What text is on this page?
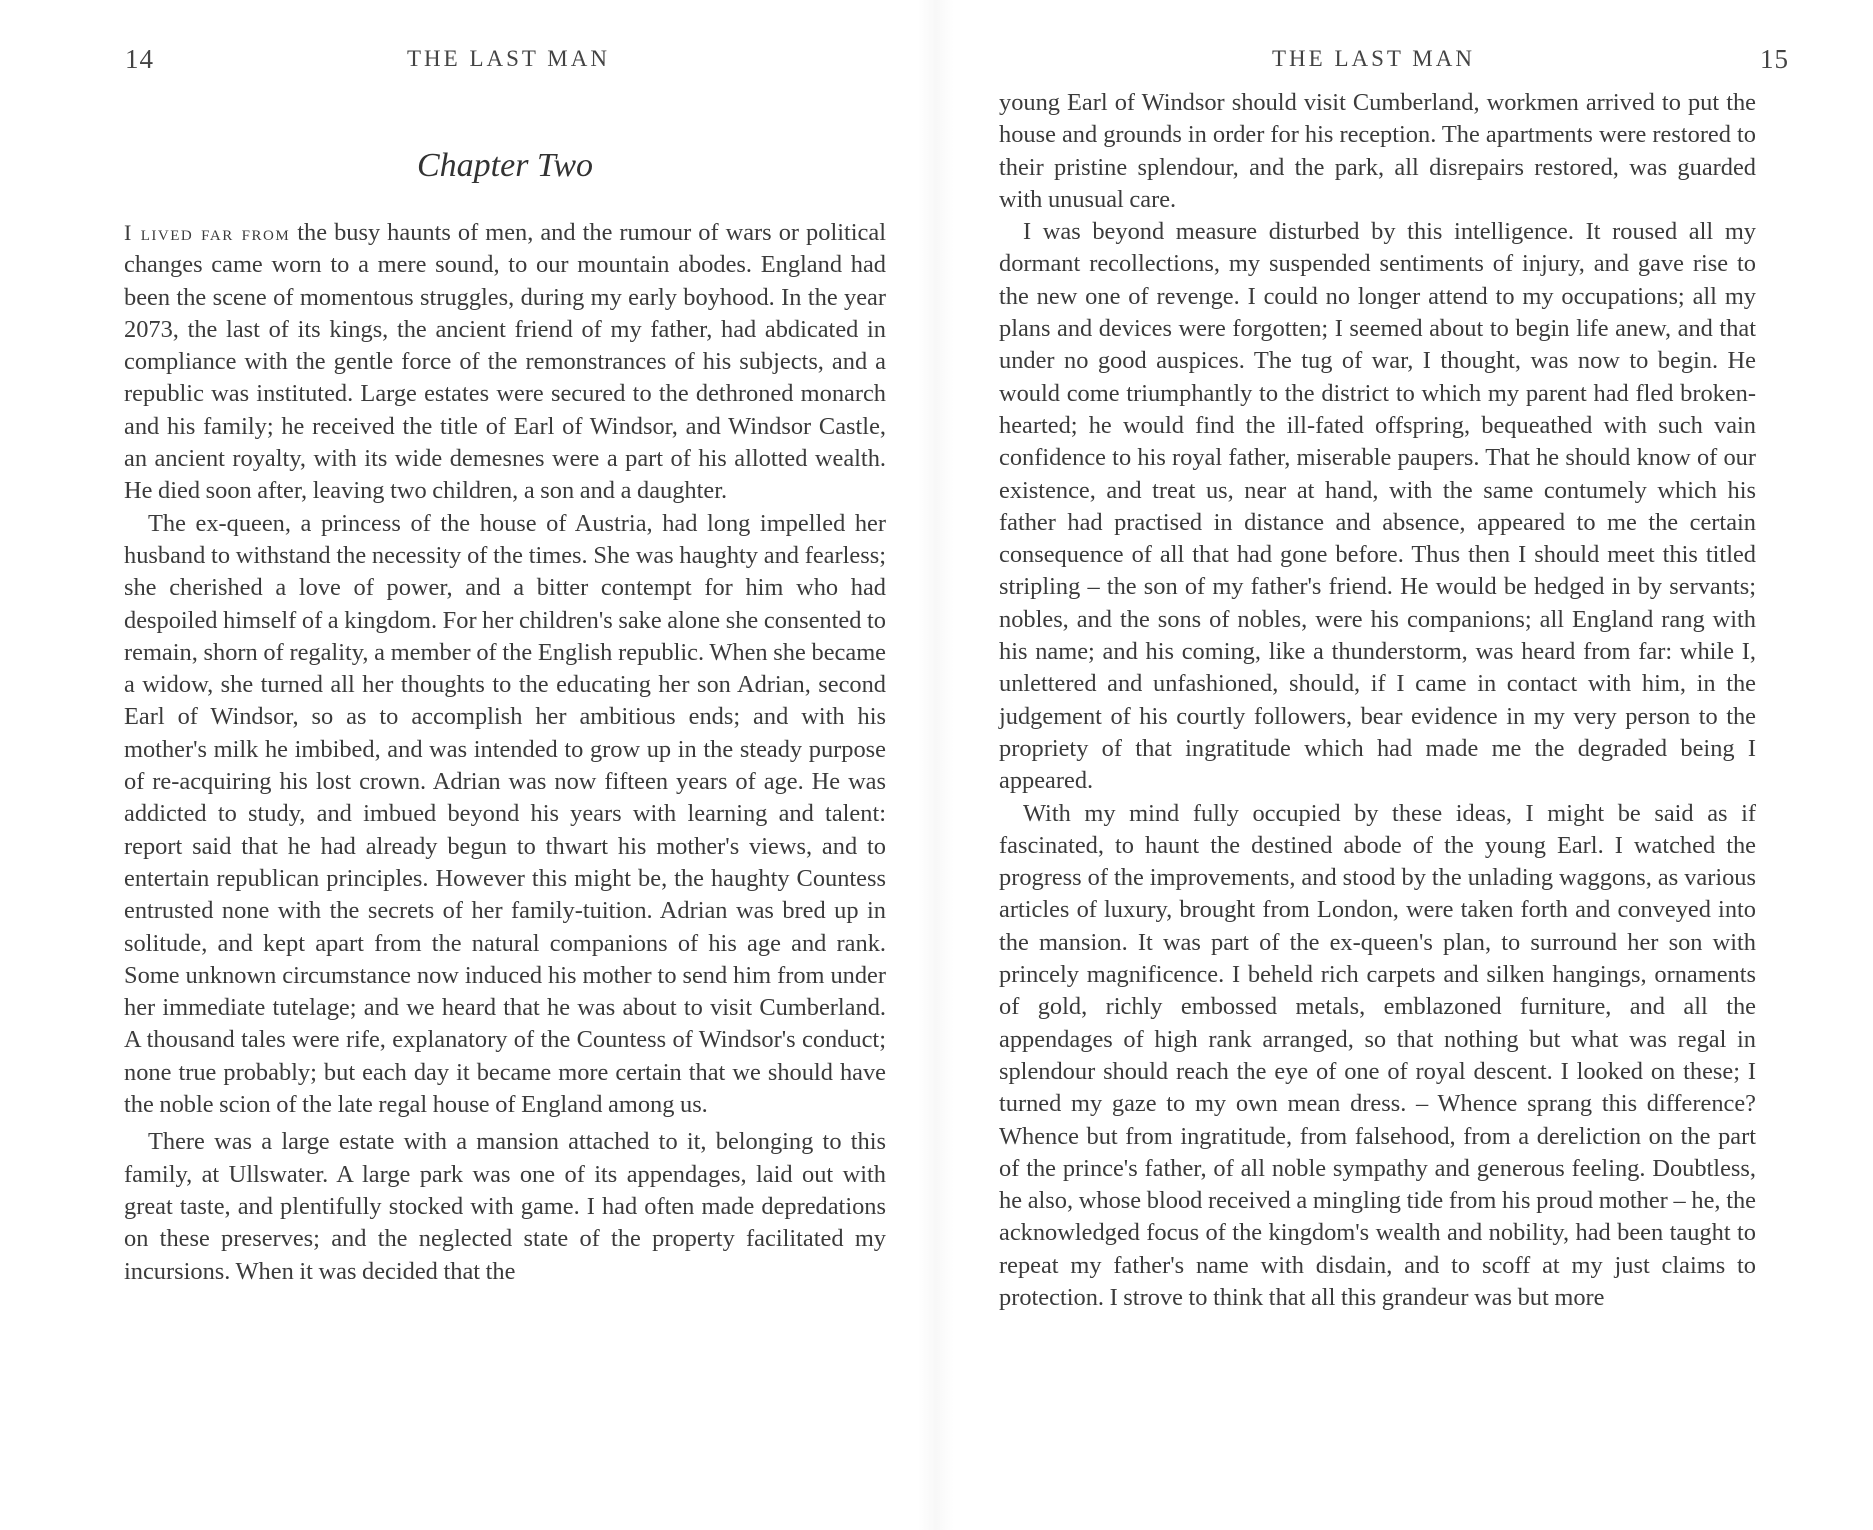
14	THE LAST MAN
Chapter Two

I lived far from the busy haunts of men, and the rumour of wars or political changes came worn to a mere sound, to our mountain abodes. England had been the scene of momentous struggles, during my early boyhood. In the year 2073, the last of its kings, the ancient friend of my father, had abdicated in compliance with the gentle force of the remonstrances of his subjects, and a republic was instituted. Large estates were secured to the dethroned monarch and his family; he received the title of Earl of Windsor, and Windsor Castle, an ancient royalty, with its wide demesnes were a part of his allotted wealth. He died soon after, leaving two children, a son and a daughter.

The ex-queen, a princess of the house of Austria, had long impelled her husband to withstand the necessity of the times. She was haughty and fearless; she cherished a love of power, and a bitter contempt for him who had despoiled himself of a kingdom. For her children's sake alone she consented to remain, shorn of regality, a member of the English republic. When she became a widow, she turned all her thoughts to the educating her son Adrian, second Earl of Windsor, so as to accomplish her ambitious ends; and with his mother's milk he imbibed, and was intended to grow up in the steady purpose of re-acquiring his lost crown. Adrian was now fifteen years of age. He was addicted to study, and imbued beyond his years with learning and talent: report said that he had already begun to thwart his mother's views, and to entertain republican principles. However this might be, the haughty Countess entrusted none with the secrets of her family-tuition. Adrian was bred up in solitude, and kept apart from the natural companions of his age and rank. Some unknown circumstance now induced his mother to send him from under her immediate tutelage; and we heard that he was about to visit Cumberland. A thousand tales were rife, explanatory of the Countess of Windsor's conduct; none true probably; but each day it became more certain that we should have the noble scion of the late regal house of England among us.

There was a large estate with a mansion attached to it, belonging to this family, at Ullswater. A large park was one of its appendages, laid out with great taste, and plentifully stocked with game. I had often made depredations on these preserves; and the neglected state of the property facilitated my incursions. When it was decided that the

THE LAST MAN	15

young Earl of Windsor should visit Cumberland, workmen arrived to put the house and grounds in order for his reception. The apartments were restored to their pristine splendour, and the park, all disrepairs restored, was guarded with unusual care.

I was beyond measure disturbed by this intelligence. It roused all my dormant recollections, my suspended sentiments of injury, and gave rise to the new one of revenge. I could no longer attend to my occupations; all my plans and devices were forgotten; I seemed about to begin life anew, and that under no good auspices. The tug of war, I thought, was now to begin. He would come triumphantly to the district to which my parent had fled broken-hearted; he would find the ill-fated offspring, bequeathed with such vain confidence to his royal father, miserable paupers. That he should know of our existence, and treat us, near at hand, with the same contumely which his father had practised in distance and absence, appeared to me the certain consequence of all that had gone before. Thus then I should meet this titled stripling – the son of my father's friend. He would be hedged in by servants; nobles, and the sons of nobles, were his companions; all England rang with his name; and his coming, like a thunderstorm, was heard from far: while I, unlettered and unfashioned, should, if I came in contact with him, in the judgement of his courtly followers, bear evidence in my very person to the propriety of that ingratitude which had made me the degraded being I appeared.

With my mind fully occupied by these ideas, I might be said as if fascinated, to haunt the destined abode of the young Earl. I watched the progress of the improvements, and stood by the unlading waggons, as various articles of luxury, brought from London, were taken forth and conveyed into the mansion. It was part of the ex-queen's plan, to surround her son with princely magnificence. I beheld rich carpets and silken hangings, ornaments of gold, richly embossed metals, emblazoned furniture, and all the appendages of high rank arranged, so that nothing but what was regal in splendour should reach the eye of one of royal descent. I looked on these; I turned my gaze to my own mean dress. – Whence sprang this difference? Whence but from ingratitude, from falsehood, from a dereliction on the part of the prince's father, of all noble sympathy and generous feeling. Doubtless, he also, whose blood received a mingling tide from his proud mother – he, the acknowledged focus of the kingdom's wealth and nobility, had been taught to repeat my father's name with disdain, and to scoff at my just claims to protection. I strove to think that all this grandeur was but more
